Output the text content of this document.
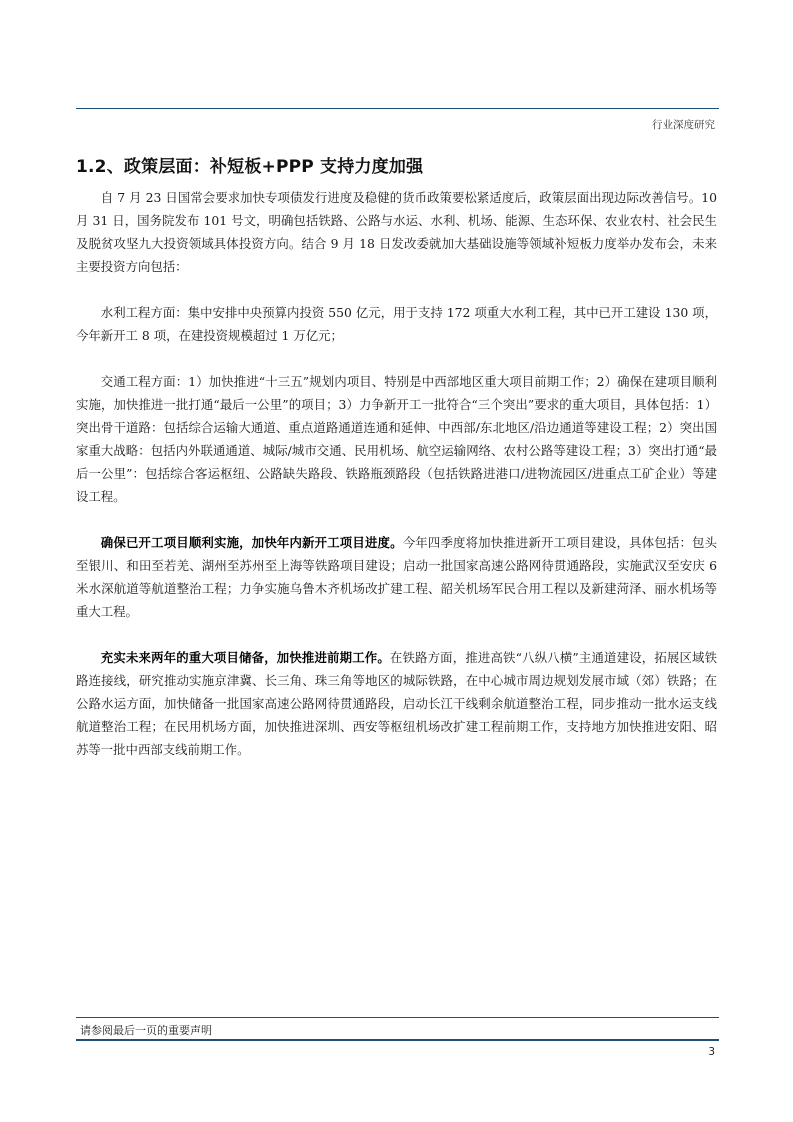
行业深度研究
1.2、政策层面：补短板+PPP 支持力度加强

自 7 月 23 日国常会要求加快专项债发行进度及稳健的货币政策要松紧适度后，政策层面出现边际改善信号。10 月 31 日，国务院发布 101 号文，明确包括铁路、公路与水运、水利、机场、能源、生态环保、农业农村、社会民生及脱贫攻坚九大投资领域具体投资方向。结合 9 月 18 日发改委就加大基础设施等领域补短板力度举办发布会，未来主要投资方向包括：

水利工程方面：集中安排中央预算内投资 550 亿元，用于支持 172 项重大水利工程，其中已开工建设 130 项，今年新开工 8 项，在建投资规模超过 1 万亿元；

交通工程方面：1）加快推进“十三五”规划内项目、特别是中西部地区重大项目前期工作；2）确保在建项目顺利实施，加快推进一批打通“最后一公里”的项目；3）力争新开工一批符合“三个突出”要求的重大项目，具体包括：1）突出骨干道路：包括综合运输大通道、重点道路通道连通和延伸、中西部/东北地区/沿边通道等建设工程；2）突出国家重大战略：包括内外联通通道、城际/城市交通、民用机场、航空运输网络、农村公路等建设工程；3）突出打通“最后一公里”：包括综合客运枢纽、公路缺失路段、铁路瓶颈路段（包括铁路进港口/进物流园区/进重点工矿企业）等建设工程。

确保已开工项目顺利实施，加快年内新开工项目进度。今年四季度将加快推进新开工项目建设，具体包括：包头至银川、和田至若羌、湖州至苏州至上海等铁路项目建设；启动一批国家高速公路网待贯通路段，实施武汉至安庆 6 米水深航道等航道整治工程；力争实施乌鲁木齐机场改扩建工程、韶关机场军民合用工程以及新建菏泽、丽水机场等重大工程。

充实未来两年的重大项目储备，加快推进前期工作。在铁路方面，推进高铁“八纵八横”主通道建设，拓展区域铁路连接线，研究推动实施京津冀、长三角、珠三角等地区的城际铁路，在中心城市周边规划发展市域（郊）铁路；在公路水运方面，加快储备一批国家高速公路网待贯通路段，启动长江干线剩余航道整治工程，同步推动一批水运支线航道整治工程；在民用机场方面，加快推进深圳、西安等枢纽机场改扩建工程前期工作，支持地方加快推进安阳、昭苏等一批中西部支线前期工作。

请参阅最后一页的重要声明
3
